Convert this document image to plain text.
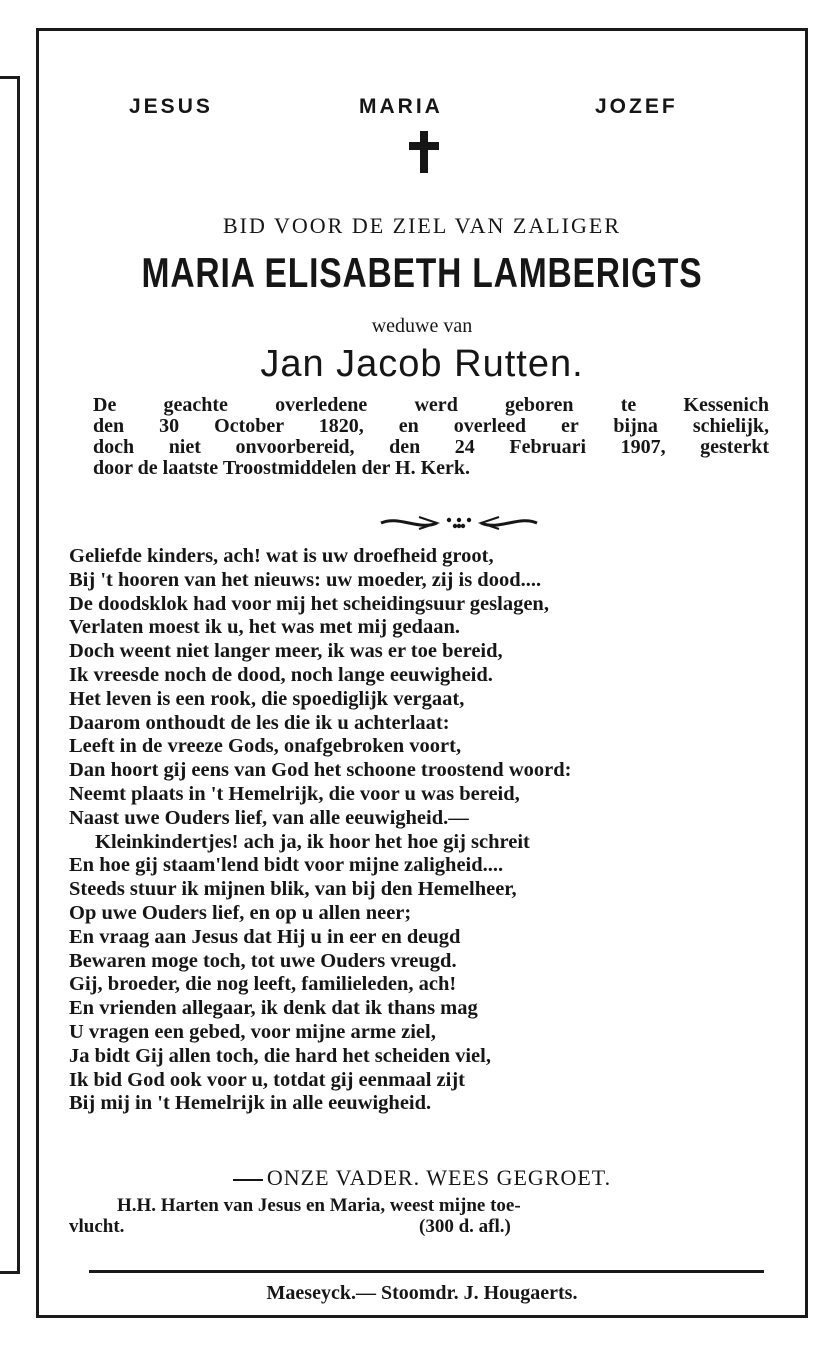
JESUS	MARIA	JOZEF
BID VOOR DE ZIEL VAN ZALIGER
MARIA ELISABETH LAMBERIGTS
weduwe van
Jan Jacob Rutten.
De geachte overledene werd geboren te Kessenich
den 30 October 1820, en overleed er bijna schielijk,
doch niet onvoorbereid, den 24 Februari 1907, gesterkt
door de laatste Troostmiddelen der H. Kerk.
Geliefde kinders, ach! wat is uw droefheid groot,
Bij 't hooren van het nieuws: uw moeder, zij is dood....
De doodsklok had voor mij het scheidingsuur geslagen,
Verlaten moest ik u, het was met mij gedaan.
Doch weent niet langer meer, ik was er toe bereid,
Ik vreesde noch de dood, noch lange eeuwigheid.
Het leven is een rook, die spoediglijk vergaat,
Daarom onthoudt de les die ik u achterlaat:
Leeft in de vreeze Gods, onafgebroken voort,
Dan hoort gij eens van God het schoone troostend woord:
Neemt plaats in 't Hemelrijk, die voor u was bereid,
Naast uwe Ouders lief, van alle eeuwigheid.—
Kleinkindertjes! ach ja, ik hoor het hoe gij schreit
En hoe gij staam'lend bidt voor mijne zaligheid....
Steeds stuur ik mijnen blik, van bij den Hemelheer,
Op uwe Ouders lief, en op u allen neer;
En vraag aan Jesus dat Hij u in eer en deugd
Bewaren moge toch, tot uwe Ouders vreugd.
Gij, broeder, die nog leeft, familieleden, ach!
En vrienden allegaar, ik denk dat ik thans mag
U vragen een gebed, voor mijne arme ziel,
Ja bidt Gij allen toch, die hard het scheiden viel,
Ik bid God ook voor u, totdat gij eenmaal zijt
Bij mij in 't Hemelrijk in alle eeuwigheid.
ONZE VADER. WEES GEGROET.
H.H. Harten van Jesus en Maria, weest mijne toe-
vlucht.	(300 d. afl.)
Maeseyck.— Stoomdr. J. Hougaerts.
